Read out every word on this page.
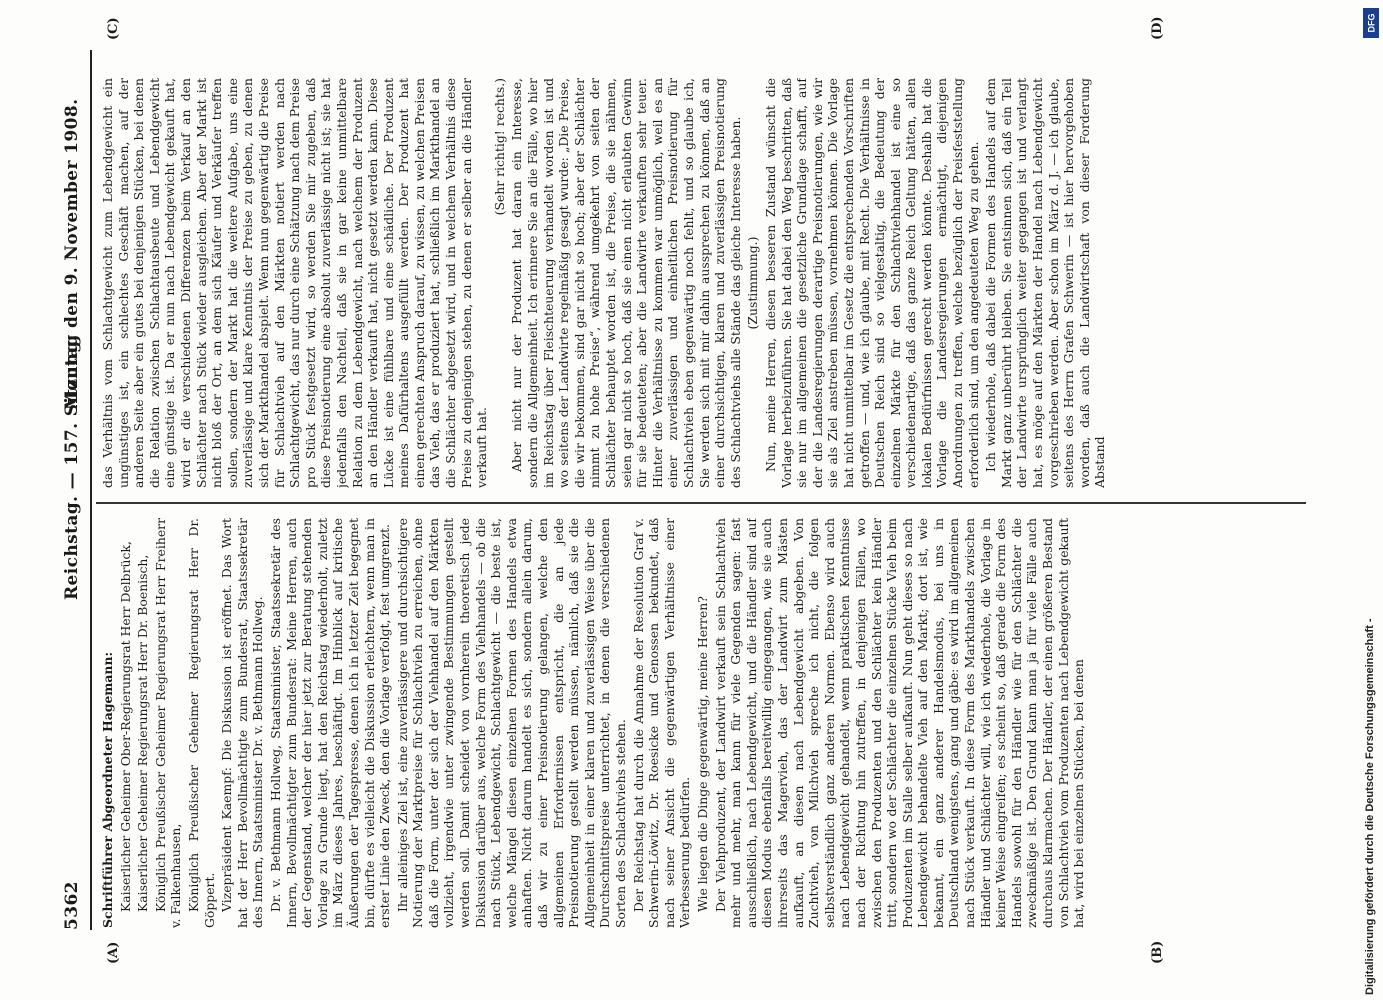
5362
Reichstag. — 157. Sitzung.
Montag den 9. November 1908.
(A)	(B)
(C)	(D)

Schriftführer Abgeordneter Hagemann: Kaiserlicher Geheimer Ober-Regierungsrat Herr Delbrück, Kaiserlicher Geheimer Regierungsrat Herr Dr. Boenisch, Königlich Preußischer Geheimer Regierungsrat Herr Freiherr v. Falkenhausen, Königlich Preußischer Geheimer Regierungsrat Herr Dr. Göppert. Vizepräsident Kaempf: Die Diskussion ist eröffnet. Das Wort hat der Herr Bevollmächtigte zum Bundesrat, Staatssekretär des Innern, Staatsminister Dr. v. Bethmann Hollweg. Dr. v. Bethmann Hollweg, Staatsminister, Staatssekretär des Innern, Bevollmächtigter zum Bundesrat: Meine Herren, auch der Gegenstand, welcher der hier jetzt zur Beratung stehenden Vorlage zu Grunde liegt, hat den Reichstag wiederholt, zuletzt im März dieses Jahres, beschäftigt. Im Hinblick auf kritische Äußerungen der Tagespresse, denen ich in letzter Zeit begegnet bin, dürfte es vielleicht die Diskussion erleichtern, wenn man in erster Linie den Zweck, den die Vorlage verfolgt, fest umgrenzt. Ihr alleiniges Ziel ist, eine zuverlässigere und durchsichtigere Notierung der Marktpreise für Schlachtvieh zu erreichen, ohne daß die Form, unter der sich der Viehhandel auf den Märkten vollzieht, irgendwie unter zwingende Bestimmungen gestellt werden soll. Damit scheidet von vornherein theoretisch jede Diskussion darüber aus, welche Form des Viehhandels — ob die nach Stück, Lebendgewicht, Schlachtgewicht — die beste ist, welche Mängel diesen einzelnen Formen des Handels etwa anhaften. Nicht darum handelt es sich, sondern allein darum, daß wir zu einer Preisnotierung gelangen, welche den allgemeinen Erfordernissen entspricht, die an jede Preisnotierung gestellt werden müssen, nämlich, daß sie die Allgemeinheit in einer klaren und zuverlässigen Weise über die Durchschnittspreise unterrichtet, in denen die verschiedenen Sorten des Schlachtviehs stehen. Der Reichstag hat durch die Annahme der Resolution Graf v. Schwerin-Löwitz, Dr. Roesicke und Genossen bekundet, daß nach seiner Ansicht die gegenwärtigen Verhältnisse einer Verbesserung bedürfen. Wie liegen die Dinge gegenwärtig, meine Herren? Der Viehproduzent, der Landwirt verkauft sein Schlachtvieh mehr und mehr, man kann für viele Gegenden sagen: fast ausschließlich, nach Lebendgewicht, und die Händler sind auf diesen Modus ebenfalls bereitwillig eingegangen, wie sie auch ihrerseits das Magervieh, das der Landwirt zum Mästen aufkauft, an diesen nach Lebendgewicht abgeben. Von Zuchtvieh, von Milchvieh spreche ich nicht, die folgen selbstverständlich ganz anderen Normen. Ebenso wird auch nach Lebendgewicht gehandelt, wenn praktischen Kenntnisse nach der Richtung hin zutreffen, in denjenigen Fällen, wo zwischen den Produzenten und den Schlächter kein Händler tritt, sondern wo der Schlächter die einzelnen Stücke Vieh beim Produzenten im Stalle selber aufkauft. Nun geht dieses so nach Lebendgewicht behandelte Vieh auf den Markt; dort ist, wie bekannt, ein ganz anderer Handelsmodus, bei uns in Deutschland wenigstens, gang und gäbe: es wird im allgemeinen nach Stück verkauft. In diese Form des Markthandels zwischen Händler und Schlächter will, wie ich wiederhole, die Vorlage in keiner Weise eingreifen; es scheint so, daß gerade die Form des Handels sowohl für den Händler wie für den Schlächter die zweckmäßige ist. Den Grund kann man ja für viele Fälle auch durchaus klarmachen. Der Händler, der einen größeren Bestand von Schlachtvieh vom Produzenten nach Lebendgewicht gekauft hat, wird bei einzelnen Stücken, bei denen

das Verhältnis vom Schlachtgewicht zum Lebendgewicht ein ungünstiges ist, ein schlechtes Geschäft machen, auf der anderen Seite aber ein gutes bei denjenigen Stücken, bei denen die Relation zwischen Schlachtausbeute und Lebendgewicht eine günstige ist. Da er nun nach Lebendgewicht gekauft hat, wird er die verschiedenen Differenzen beim Verkauf an den Schlächter nach Stück wieder ausgleichen. Aber der Markt ist nicht bloß der Ort, an dem sich Käufer und Verkäufer treffen sollen, sondern der Markt hat die weitere Aufgabe, uns eine zuverlässige und klare Kenntnis der Preise zu geben, zu denen sich der Markthandel abspielt. Wenn nun gegenwärtig die Preise für Schlachtvieh auf den Märkten notiert werden nach Schlachtgewicht, das nur durch eine Schätzung nach dem Preise pro Stück festgesetzt wird, so werden Sie mir zugeben, daß diese Preisnotierung eine absolut zuverlässige nicht ist; sie hat jedenfalls den Nachteil, daß sie in gar keine unmittelbare Relation zu dem Lebendgewicht, nach welchem der Produzent an den Händler verkauft hat, nicht gesetzt werden kann. Diese Lücke ist eine fühlbare und eine schädliche. Der Produzent meines Dafürhaltens ausgefüllt werden. Der Produzent hat einen gerechten Anspruch darauf, zu wissen, zu welchen Preisen das Vieh, das er produziert hat, schließlich im Markthandel an die Schlächter abgesetzt wird, und in welchem Verhältnis diese Preise zu denjenigen stehen, zu denen er selber an die Händler verkauft hat.

(Sehr richtig! rechts.) Aber nicht nur der Produzent hat daran ein Interesse, sondern die Allgemeinheit. Ich erinnere Sie an die Fälle, wo hier im Reichstag über Fleischteuerung verhandelt worden ist und wo seitens der Landwirte regelmäßig gesagt wurde: „Die Preise, die wir bekommen, sind gar nicht so hoch; aber der Schlächter nimmt zu hohe Preise“, während umgekehrt von seiten der Schlächter behauptet worden ist, die Preise, die sie nähmen, seien gar nicht so hoch, daß sie einen nicht erlaubten Gewinn für sie bedeuteten; aber die Landwirte verkauften sehr teuer. Hinter die Verhältnisse zu kommen war unmöglich, weil es an einer zuverlässigen und einheitlichen Preisnotierung für Schlachtvieh eben gegenwärtig noch fehlt, und so glaube ich, Sie werden sich mit mir dahin aussprechen zu können, daß an einer durchsichtigen, klaren und zuverlässigen Preisnotierung des Schlachtviehs alle Stände das gleiche Interesse haben. (Zustimmung.) Nun, meine Herren, diesen besseren Zustand wünscht die Vorlage herbeizuführen. Sie hat dabei den Weg beschritten, daß sie nur im allgemeinen die gesetzliche Grundlage schafft, auf der die Landesregierungen derartige Preisnotierungen, wie wir sie als Ziel anstreben müssen, vornehmen können. Die Vorlage hat nicht unmittelbar im Gesetz die entsprechenden Vorschriften getroffen — und, wie ich glaube, mit Recht. Die Verhältnisse in Deutschen Reich sind so vielgestaltig, die Bedeutung der einzelnen Märkte für den Schlachtviehhandel ist eine so verschiedenartige, daß das ganze Reich Geltung hätten, allen lokalen Bedürfnissen gerecht werden könnte. Deshalb hat die Vorlage die Landesregierungen ermächtigt, diejenigen Anordnungen zu treffen, welche bezüglich der Preisfeststellung erforderlich sind, um den angedeuteten Weg zu gehen. Ich wiederhole, daß dabei die Formen des Handels auf dem Markt ganz unberührt bleiben. Sie entsinnen sich, daß ein Teil der Landwirte ursprünglich weiter gegangen ist und verlangt hat, es möge auf den Märkten der Handel nach Lebendgewicht vorgeschrieben werden. Aber schon im März d. J. — ich glaube, seitens des Herrn Grafen Schwerin — ist hier hervorgehoben worden, daß auch die Landwirtschaft von dieser Forderung Abstand

Digitalisierung gefördert durch die Deutsche Forschungsgemeinschaft -
DFG
